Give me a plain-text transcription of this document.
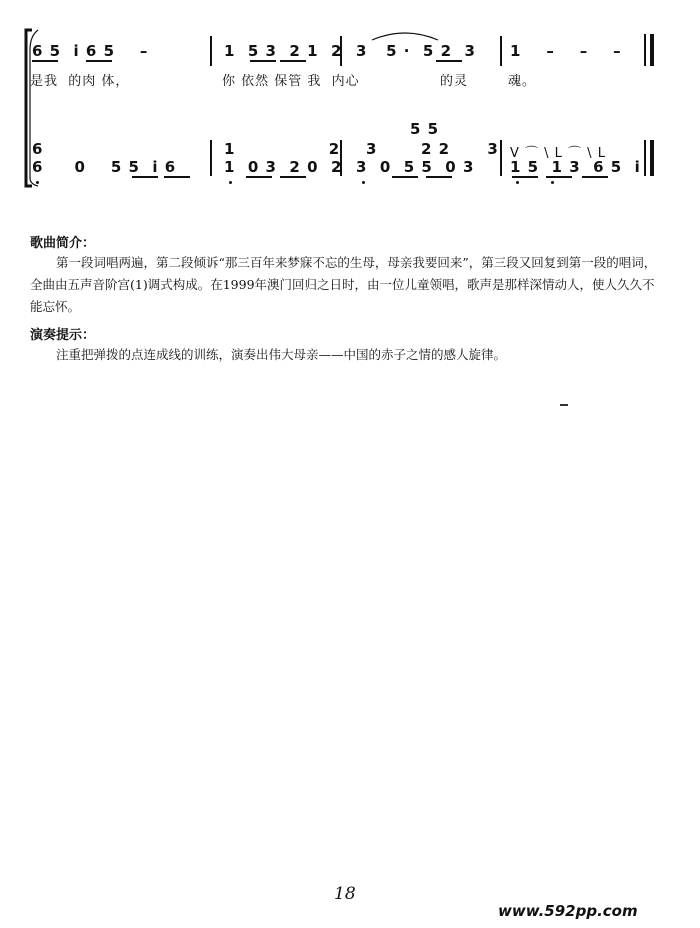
6 5  i 6 5    –	1  5 3  2 1  2 3   5 ·  5 2  3 1    –    –    –
是我  的肉 体，	你 依然 保管 我  内心	的灵	魂。
6	1               2 3       2 2      3
5 5
V ⌒ \ L ⌒ \ L
6     0    5 5  i 6	1  0 3  2 0  2 3  0  5 5  0 3 1 5  1 3  6 5  i
歌曲简介：
第一段词唱两遍，第二段倾诉“那三百年来梦寐不忘的生母，母亲我要回来”，第三段又回复到第一段的唱词，全曲由五声音阶宫(1)调式构成。在1999年澳门回归之日时，由一位儿童领唱，歌声是那样深情动人，使人久久不能忘怀。
演奏提示：
注重把弹拨的点连成线的训练，演奏出伟大母亲——中国的赤子之情的感人旋律。
18
www.592pp.com
